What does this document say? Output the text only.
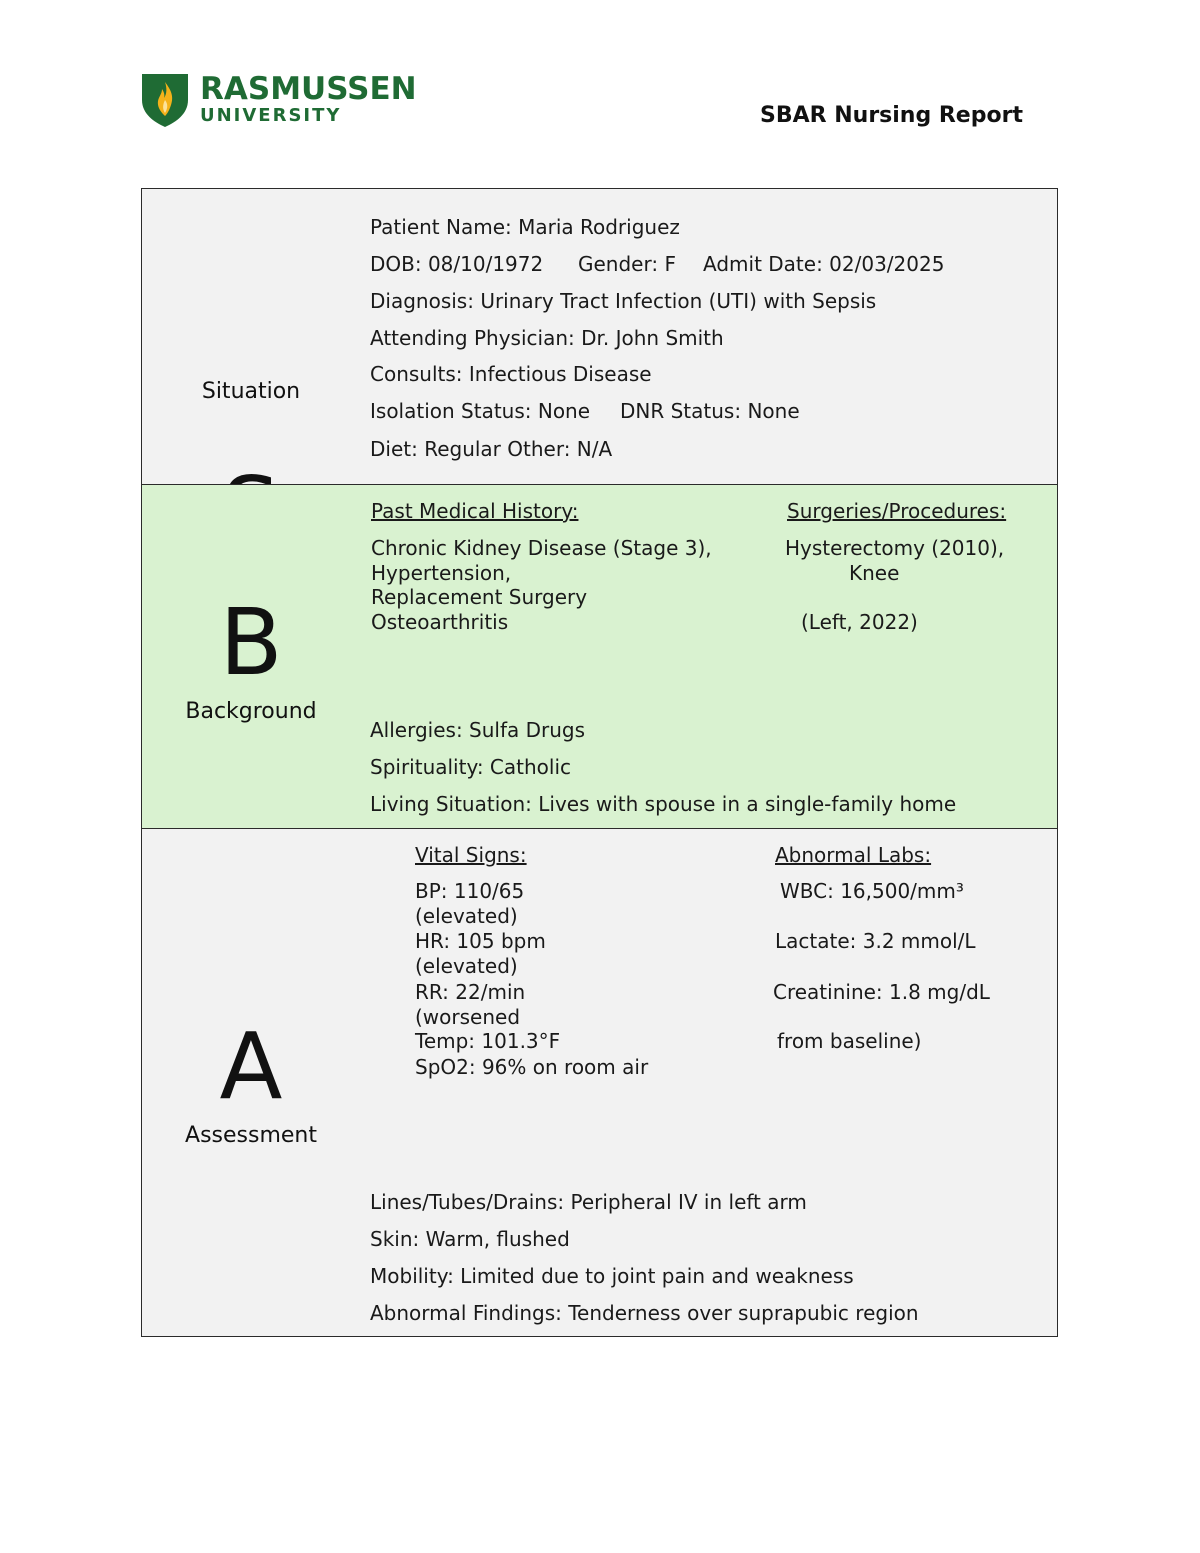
RASMUSSEN
UNIVERSITY	SBAR Nursing Report
Situation
Patient Name: Maria Rodriguez
DOB: 08/10/1972 Gender: F Admit Date: 02/03/2025
Diagnosis: Urinary Tract Infection (UTI) with Sepsis
Attending Physician: Dr. John Smith
Consults: Infectious Disease
Isolation Status: None DNR Status: None
Diet: Regular Other: N/A
B
Background
Past Medical History:
Chronic Kidney Disease (Stage 3),
Hypertension,
Replacement Surgery
Osteoarthritis
Surgeries/Procedures:
Hysterectomy (2010),
Knee
(Left, 2022)
Allergies: Sulfa Drugs
Spirituality: Catholic
Living Situation: Lives with spouse in a single-family home
A
Assessment
Vital Signs:
BP: 110/65
(elevated)
HR: 105 bpm
(elevated)
RR: 22/min
(worsened
Temp: 101.3°F
SpO2: 96% on room air
Abnormal Labs:
WBC: 16,500/mm³
Lactate: 3.2 mmol/L
Creatinine: 1.8 mg/dL
from baseline)
Lines/Tubes/Drains: Peripheral IV in left arm
Skin: Warm, flushed
Mobility: Limited due to joint pain and weakness
Abnormal Findings: Tenderness over suprapubic region
